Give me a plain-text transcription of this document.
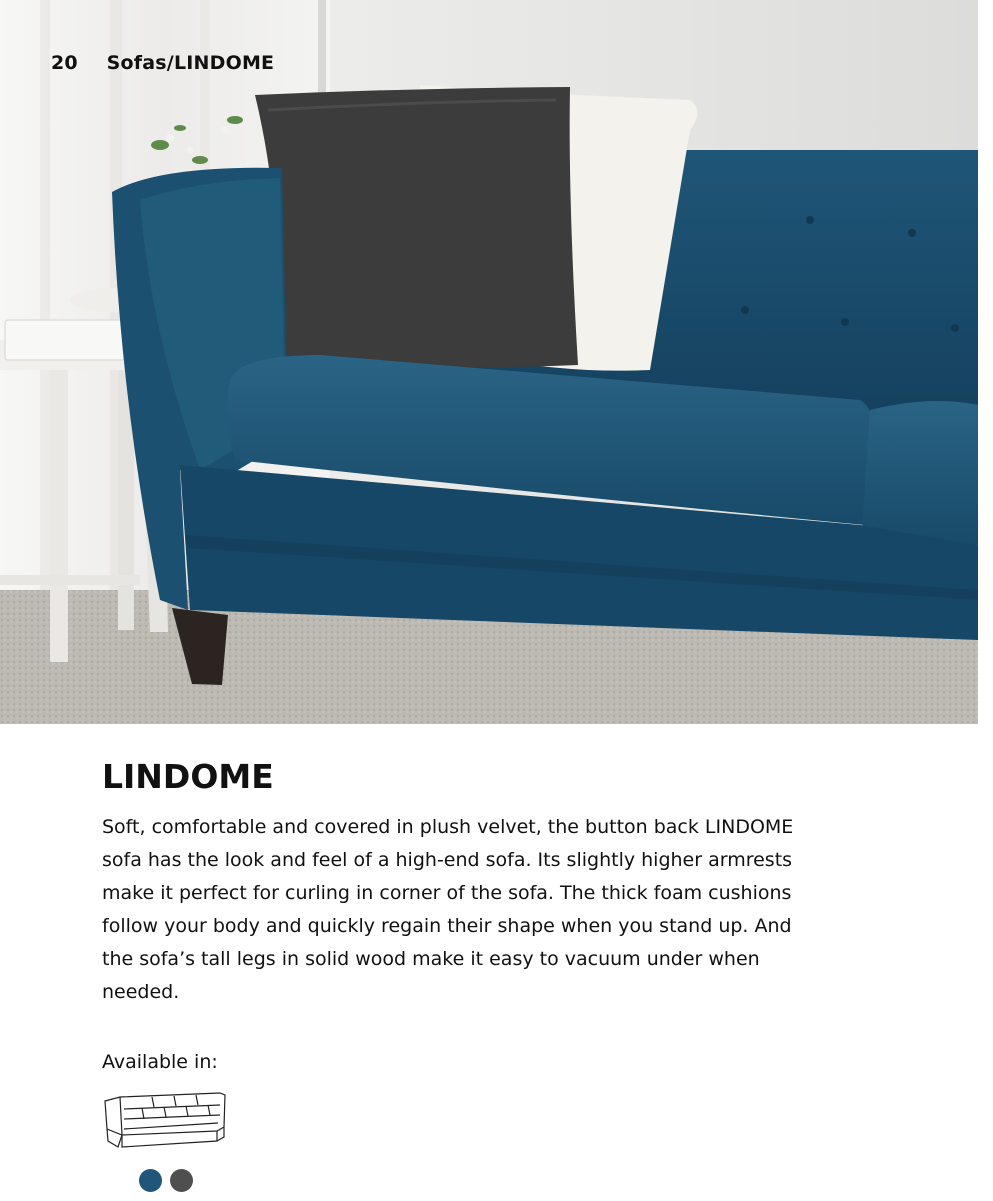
20 Sofas/LINDOME
LINDOME

Soft, comfortable and covered in plush velvet, the button back LINDOME sofa has the look and feel of a high-end sofa. Its slightly higher armrests make it perfect for curling in corner of the sofa. The thick foam cushions follow your body and quickly regain their shape when you stand up. And the sofa’s tall legs in solid wood make it easy to vacuum under when needed.

Available in:
